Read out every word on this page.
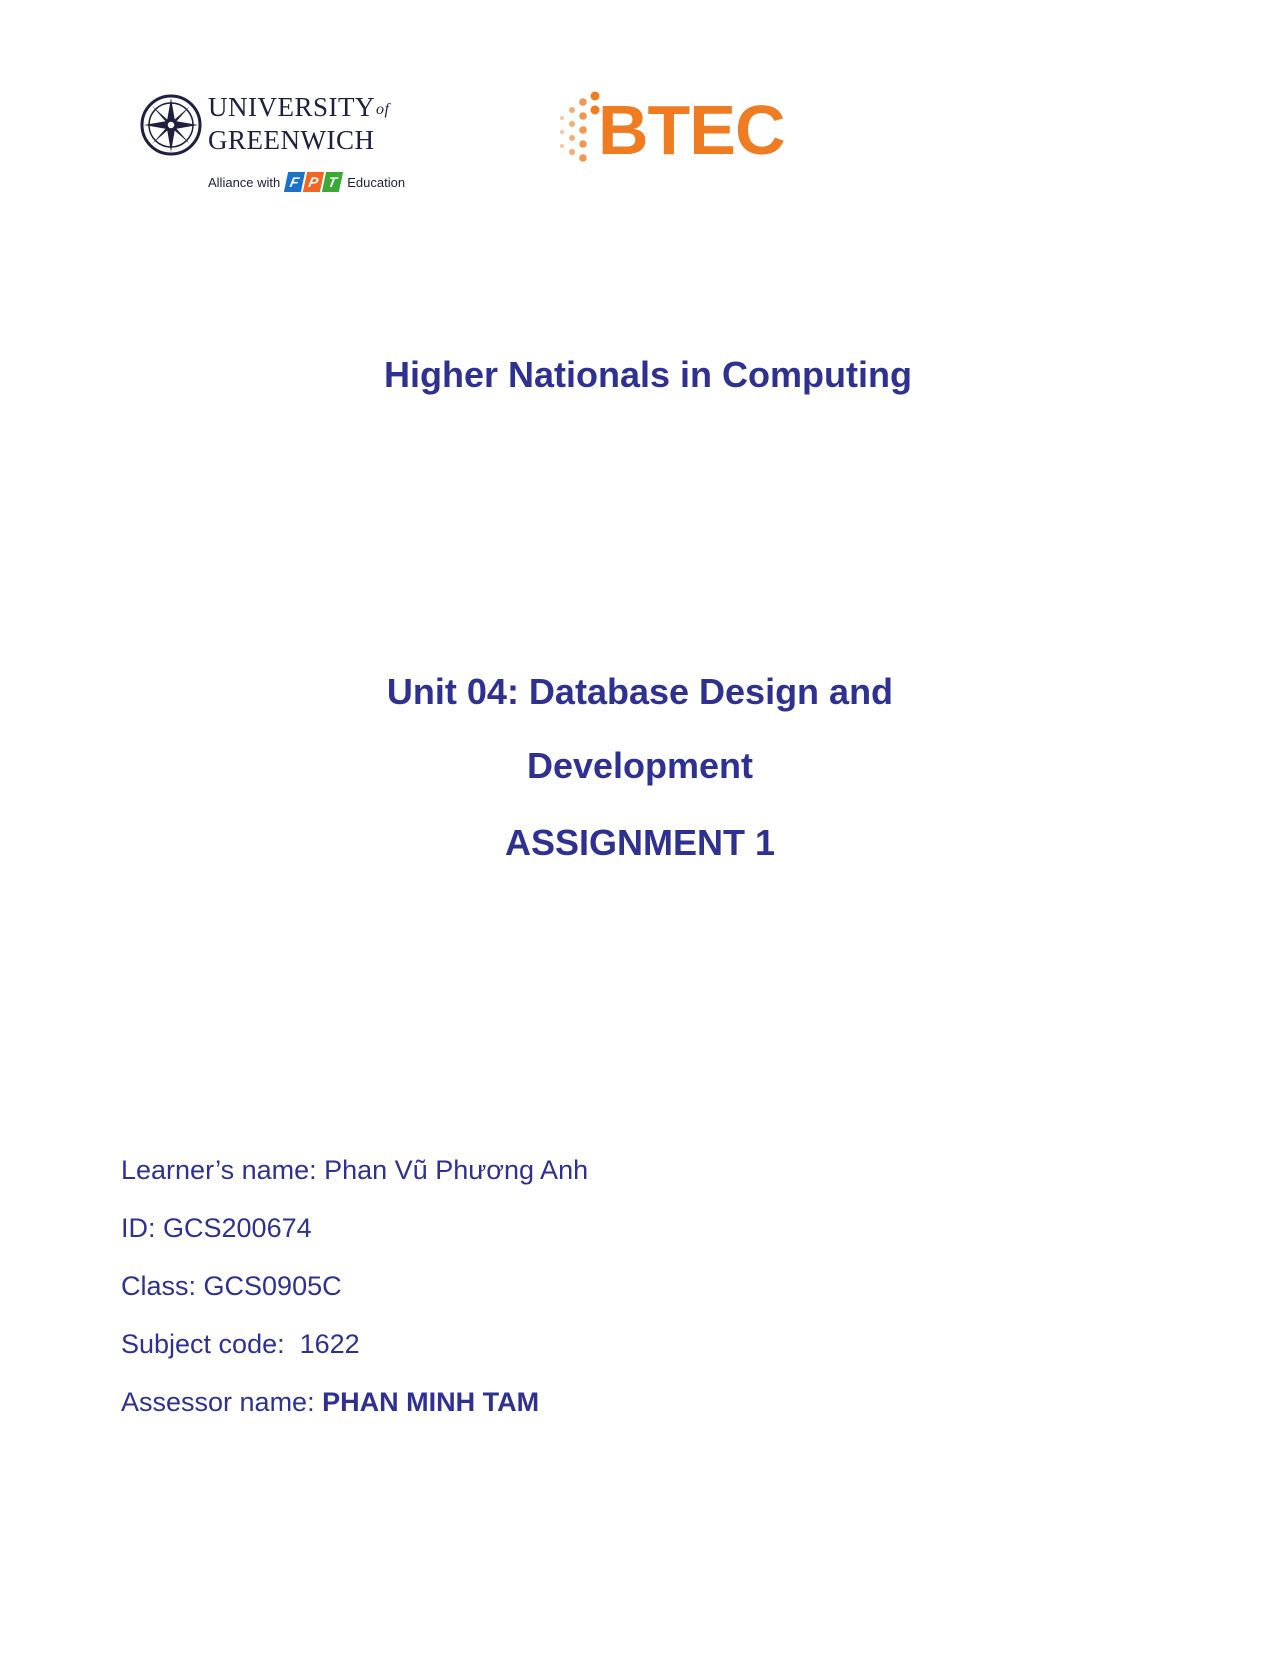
UNIVERSITYof
GREENWICH
Alliance with F P T Education
BTEC
Higher Nationals in Computing
Unit 04: Database Design and
Development
ASSIGNMENT 1
Learner’s name: Phan Vũ Phương Anh
ID: GCS200674
Class: GCS0905C
Subject code:  1622
Assessor name: PHAN MINH TAM
